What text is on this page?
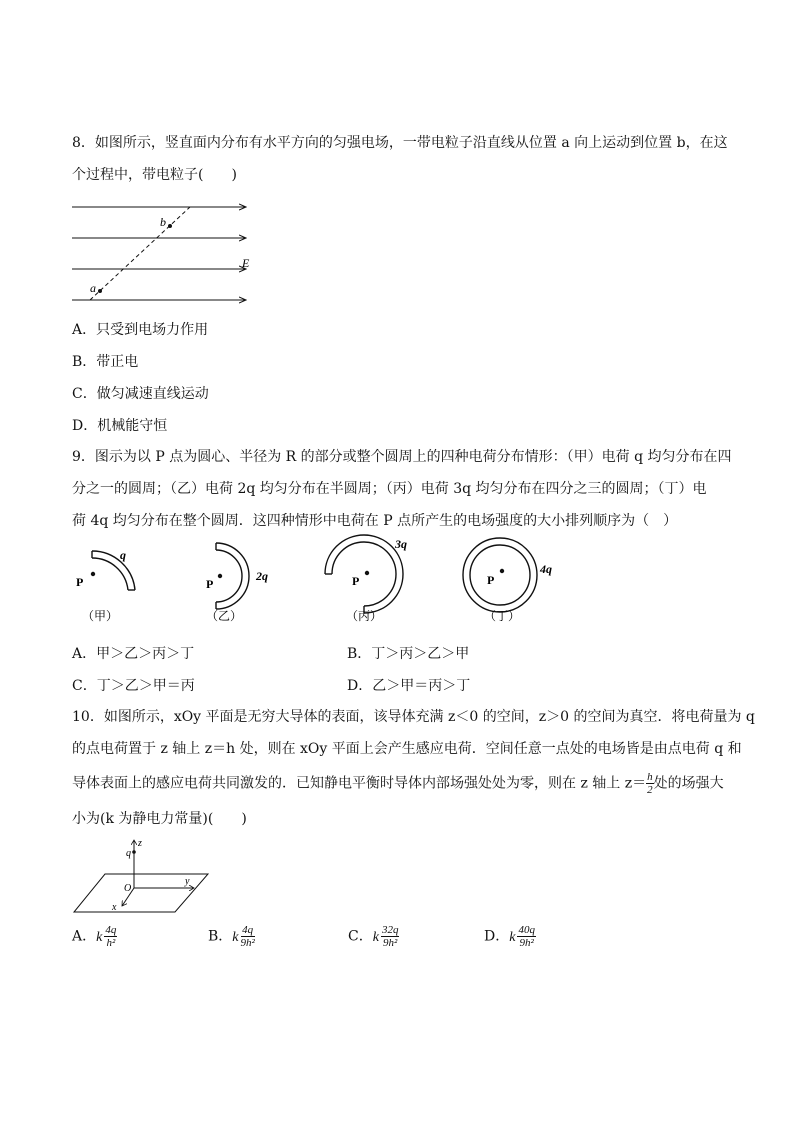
8．如图所示，竖直面内分布有水平方向的匀强电场，一带电粒子沿直线从位置 a 向上运动到位置 b，在这
个过程中，带电粒子(　　)
b
a
E
A．只受到电场力作用
B．带正电
C．做匀减速直线运动
D．机械能守恒
9．图示为以 P 点为圆心、半径为 R 的部分或整个圆周上的四种电荷分布情形：（甲）电荷 q 均匀分布在四
分之一的圆周；（乙）电荷 2q 均匀分布在半圆周；（丙）电荷 3q 均匀分布在四分之三的圆周；（丁）电
荷 4q 均匀分布在整个圆周．这四种情形中电荷在 P 点所产生的电场强度的大小排列顺序为（　）
P
q
（甲）
P
2q
（乙）
P
3q
（丙）
P
4q
（丁）
A．甲＞乙＞丙＞丁	B．丁＞丙＞乙＞甲
C．丁＞乙＞甲＝丙	D．乙＞甲＝丙＞丁
10．如图所示，xOy 平面是无穷大导体的表面，该导体充满 z＜0 的空间，z＞0 的空间为真空．将电荷量为 q
的点电荷置于 z 轴上 z＝h 处，则在 xOy 平面上会产生感应电荷．空间任意一点处的电场皆是由点电荷 q 和
导体表面上的感应电荷共同激发的．已知静电平衡时导体内部场强处处为零，则在 z 轴上 $z= \frac{h}{2}$ 处的场强大
小为(k 为静电力常量)(　　)
q
z
O
y
x
A．k $\frac{4q}{\text{h²}}$	B．k $\frac{4q}{\text{9h²}}$	C．k $\frac{32q}{\text{9h²}}$	D．k $\frac{40q}{\text{9h²}}$
